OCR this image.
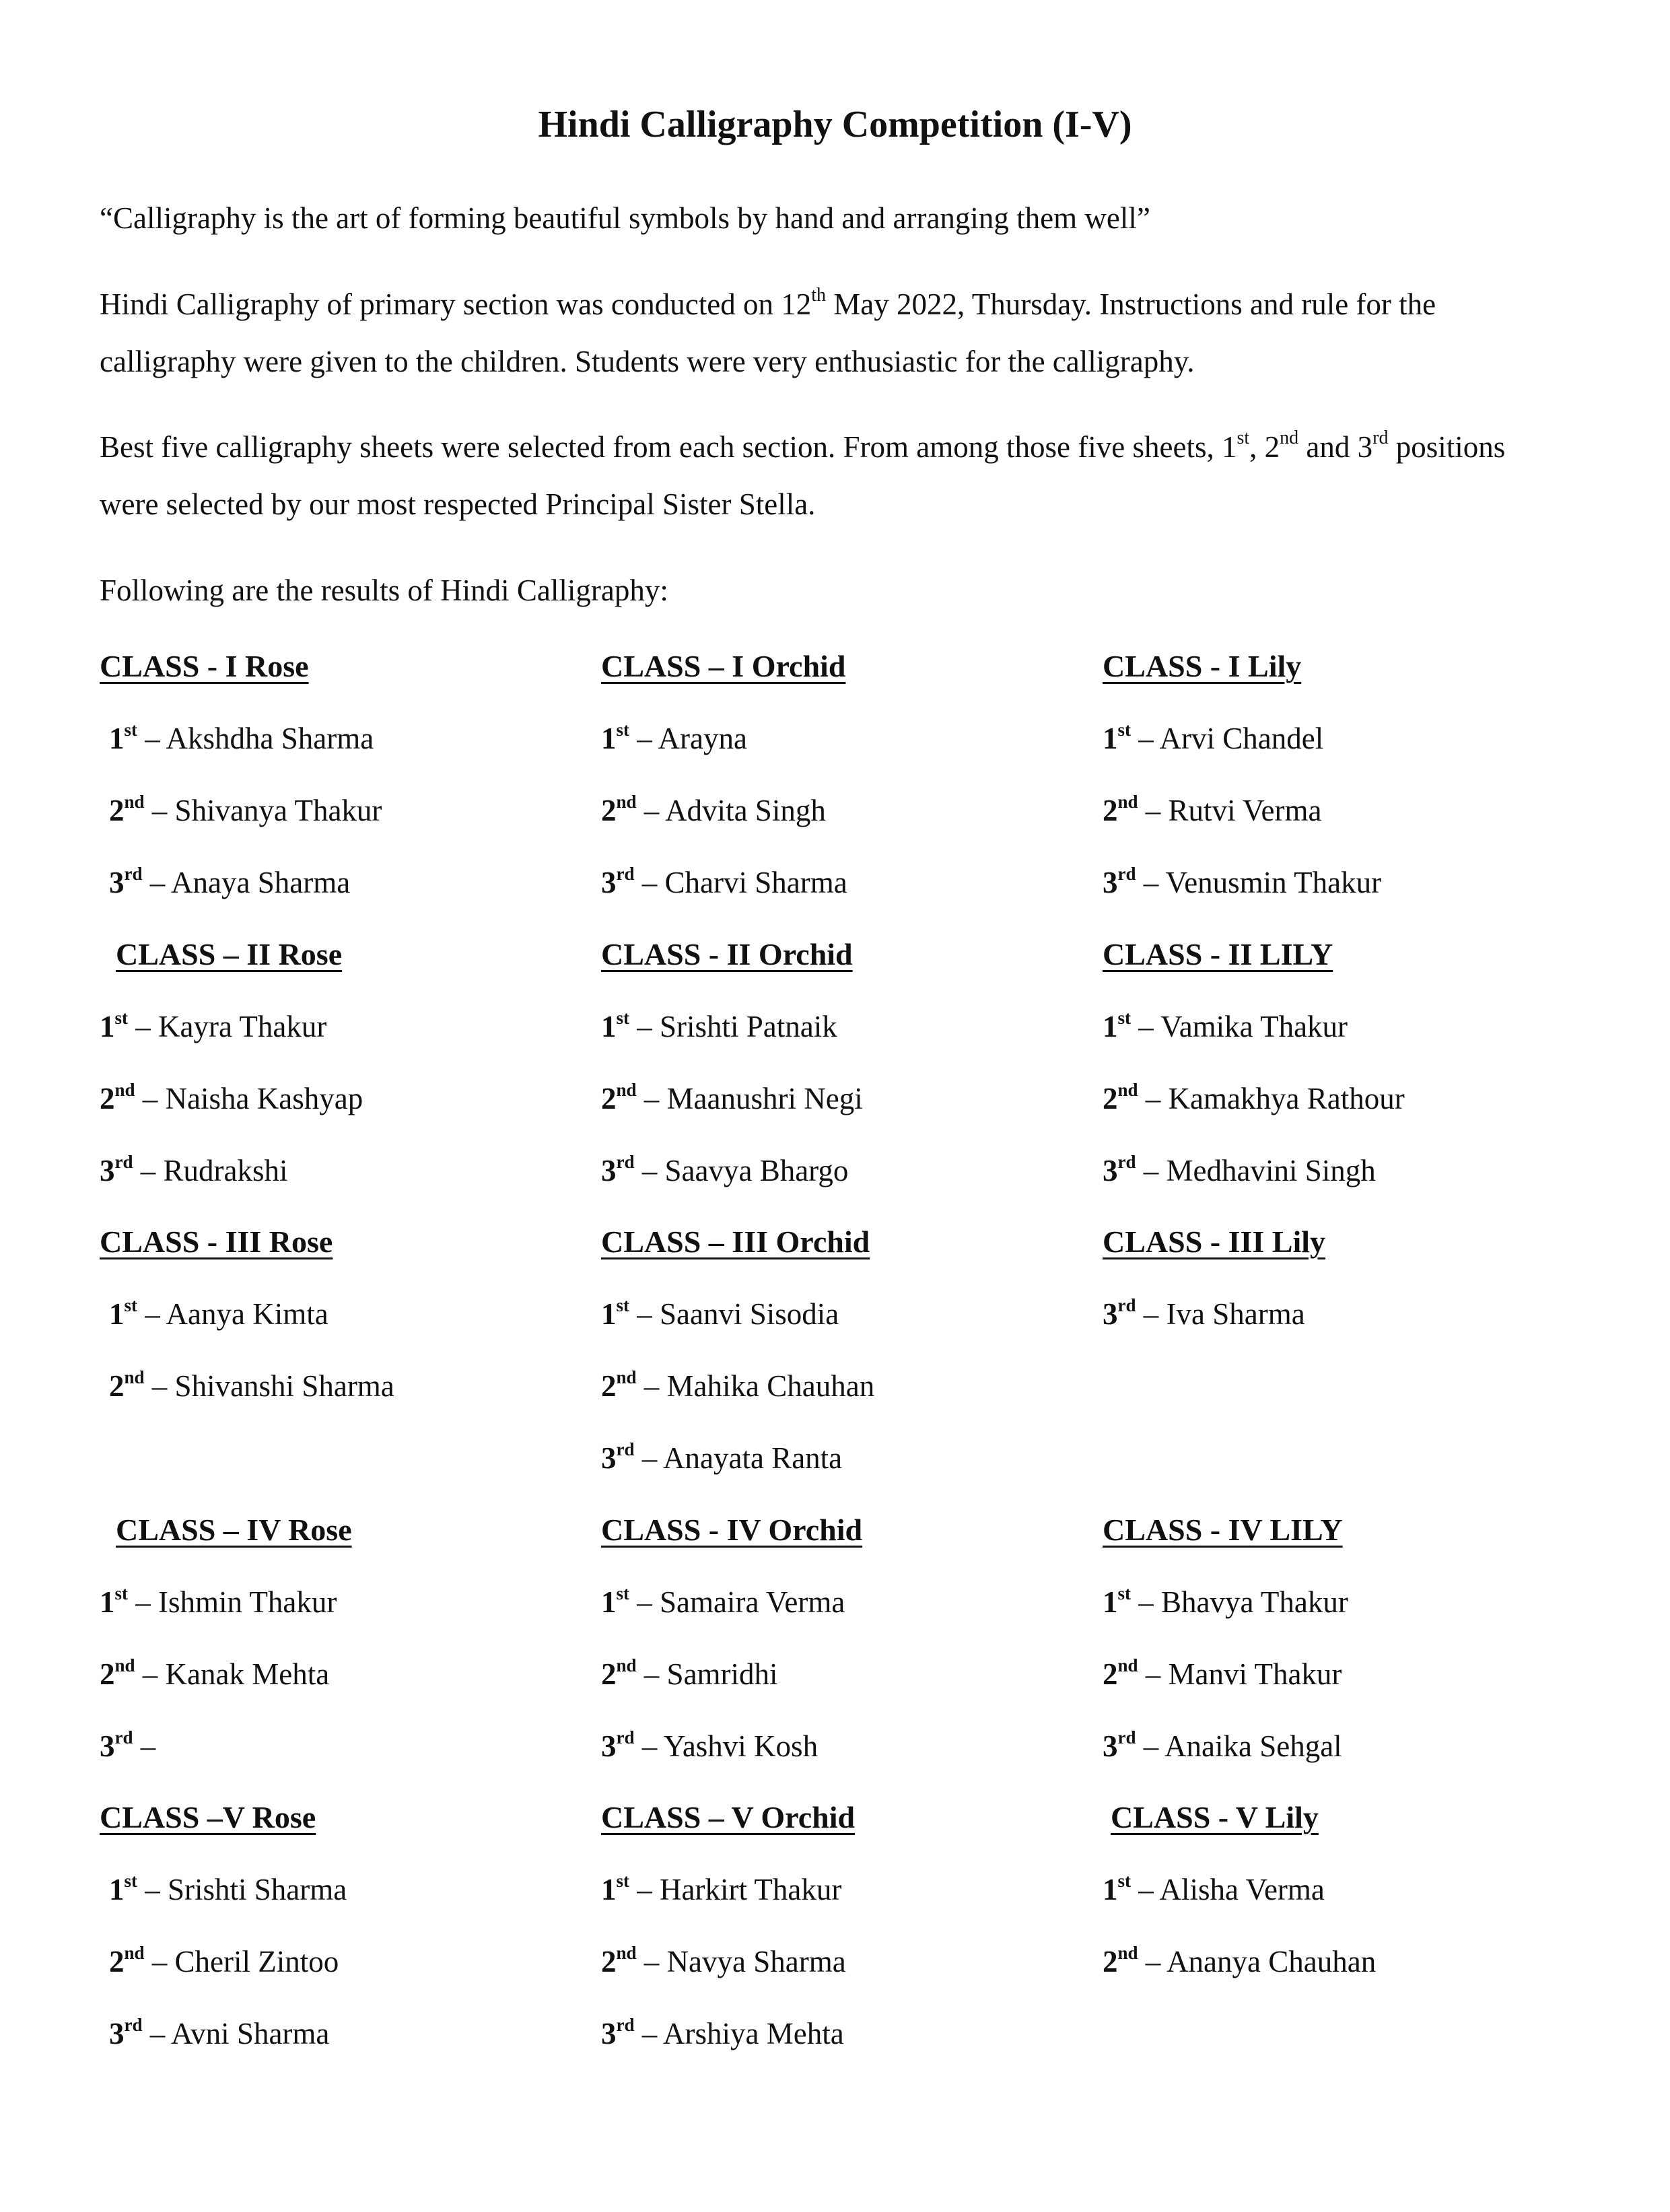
Hindi Calligraphy Competition (I-V)

“Calligraphy is the art of forming beautiful symbols by hand and arranging them well”

Hindi Calligraphy of primary section was conducted on 12th May 2022, Thursday. Instructions and rule for the calligraphy were given to the children. Students were very enthusiastic for the calligraphy.

Best five calligraphy sheets were selected from each section. From among those five sheets, 1st, 2nd and 3rd positions were selected by our most respected Principal Sister Stella.

Following are the results of Hindi Calligraphy:

CLASS - I Rose
1st – Akshdha Sharma
2nd – Shivanya Thakur
3rd – Anaya Sharma
CLASS – II Rose
1st – Kayra Thakur
2nd – Naisha Kashyap
3rd – Rudrakshi
CLASS - III Rose
1st – Aanya Kimta
2nd – Shivanshi Sharma
CLASS – IV Rose
1st – Ishmin Thakur
2nd – Kanak Mehta
3rd –
CLASS –V Rose
1st – Srishti Sharma
2nd – Cheril Zintoo
3rd – Avni Sharma
CLASS – I Orchid
1st – Arayna
2nd – Advita Singh
3rd – Charvi Sharma
CLASS - II Orchid
1st – Srishti Patnaik
2nd – Maanushri Negi
3rd – Saavya Bhargo
CLASS – III Orchid
1st – Saanvi Sisodia
2nd – Mahika Chauhan
3rd – Anayata Ranta
CLASS - IV Orchid
1st – Samaira Verma
2nd – Samridhi
3rd – Yashvi Kosh
CLASS – V Orchid
1st – Harkirt Thakur
2nd – Navya Sharma
3rd – Arshiya Mehta
CLASS - I Lily
1st – Arvi Chandel
2nd – Rutvi Verma
3rd – Venusmin Thakur
CLASS - II LILY
1st – Vamika Thakur
2nd – Kamakhya Rathour
3rd – Medhavini Singh
CLASS - III Lily
3rd – Iva Sharma
CLASS - IV LILY
1st – Bhavya Thakur
2nd – Manvi Thakur
3rd – Anaika Sehgal
CLASS - V Lily
1st – Alisha Verma
2nd – Ananya Chauhan
